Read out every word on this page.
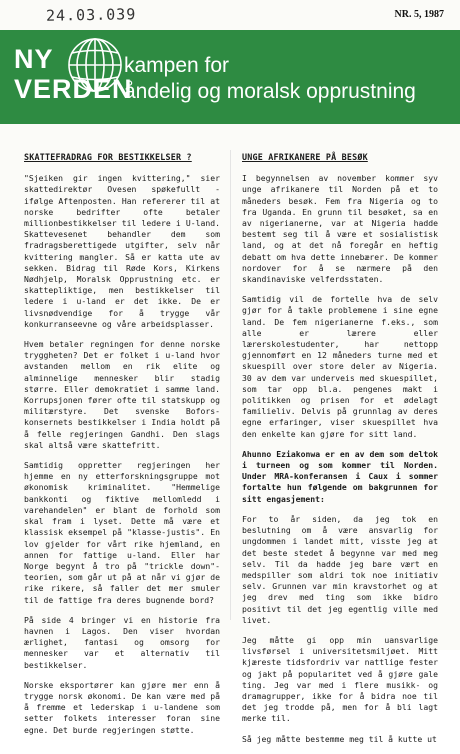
24.03.039	NR. 5, 1987
NY
VERDEN
kampen for
åndelig og moralsk opprustning
SKATTEFRADRAG FOR BESTIKKELSER ?

"Sjeiken gir ingen kvittering," sier skattedirektør Ovesen spøkefullt - ifølge Aftenposten. Han refererer til at norske bedrifter ofte betaler millionbestikkelser til ledere i U-land. Skattevesenet behandler dem som fradragsberettigede utgifter, selv når kvittering mangler. Så er katta ute av sekken. Bidrag til Røde Kors, Kirkens Nødhjelp, Moralsk Opprustning etc. er skattepliktige, men bestikkelser til ledere i u-land er det ikke. De er livsnødvendige for å trygge vår konkurranseevne og våre arbeidsplasser.

Hvem betaler regningen for denne norske tryggheten? Det er folket i u-land hvor avstanden mellom en rik elite og alminnelige mennesker blir stadig større. Eller demokratiet i samme land. Korrupsjonen fører ofte til statskupp og militærstyre. Det svenske Bofors-konsernets bestikkelser i India holdt på å felle regjeringen Gandhi. Den slags skal altså være skattefritt.

Samtidig oppretter regjeringen her hjemme en ny etterforskningsgruppe mot økonomisk kriminalitet. "Hemmelige bankkonti og fiktive mellomledd i varehandelen" er blant de forhold som skal fram i lyset. Dette må være et klassisk eksempel på "klasse-justis". En lov gjelder for vårt rike hjemland, en annen for fattige u-land. Eller har Norge begynt å tro på "trickle down"-teorien, som går ut på at når vi gjør de rike rikere, så faller det mer smuler til de fattige fra deres bugnende bord?

På side 4 bringer vi en historie fra havnen i Lagos. Den viser hvordan ærlighet, fantasi og omsorg for mennesker var et alternativ til bestikkelser.

Norske eksportører kan gjøre mer enn å trygge norsk økonomi. De kan være med på å fremme et lederskap i u-landene som setter folkets interesser foran sine egne. Det burde regjeringen støtte.

UNGE AFRIKANERE PÅ BESØK

I begynnelsen av november kommer syv unge afrikanere til Norden på et to måneders besøk. Fem fra Nigeria og to fra Uganda. En grunn til besøket, sa en av nigerianerne, var at Nigeria hadde bestemt seg til å være et sosialistisk land, og at det nå foregår en heftig debatt om hva dette innebærer. De kommer nordover for å se nærmere på den skandinaviske velferdsstaten.

Samtidig vil de fortelle hva de selv gjør for å takle problemene i sine egne land. De fem nigerianerne f.eks., som alle er lærere eller lærerskolestudenter, har nettopp gjennomført en 12 måneders turne med et skuespill over store deler av Nigeria. 30 av dem var underveis med skuespillet, som tar opp bl.a. pengenes makt i politikken og prisen for et ødelagt familieliv. Delvis på grunnlag av deres egne erfaringer, viser skuespillet hva den enkelte kan gjøre for sitt land.

Ahunno Eziakonwa er en av dem som deltok i turneen og som kommer til Norden. Under MRA-konferansen i Caux i sommer fortalte hun følgende om bakgrunnen for sitt engasjement:

For to år siden, da jeg tok en beslutning om å være ansvarlig for ungdommen i landet mitt, visste jeg at det beste stedet å begynne var med meg selv. Til da hadde jeg bare vært en medspiller som aldri tok noe initiativ selv. Grunnen var min kravstorhet og at jeg drev med ting som ikke bidro positivt til det jeg egentlig ville med livet.

Jeg måtte gi opp min uansvarlige livsførsel i universitetsmiljøet. Mitt kjæreste tidsfordriv var nattlige fester og jakt på popularitet ved å gjøre gale ting. Jeg var med i flere musikk- og dramagrupper, ikke for å bidra noe til det jeg trodde på, men for å bli lagt merke til.

Så jeg måtte bestemme meg til å kutte ut
